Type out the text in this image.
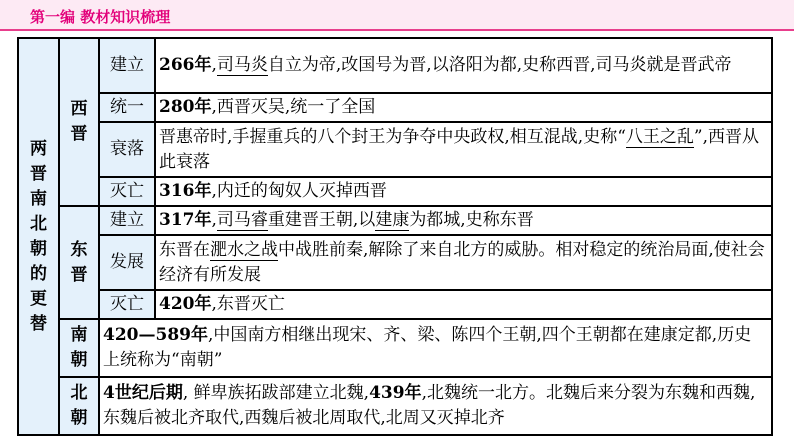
第一编 教材知识梳理
两晋南北朝的更替	西晋	建立	266年,司马炎自立为帝,改国号为晋,以洛阳为都,史称西晋,司马炎就是晋武帝
		统一	280年,西晋灭吴,统一了全国
		衰落	晋惠帝时,手握重兵的八个封王为争夺中央政权,相互混战,史称“八王之乱”,西晋从此衰落
		灭亡	316年,内迁的匈奴人灭掉西晋

	东晋	建立	317年,司马睿重建晋王朝,以建康为都城,史称东晋
		发展	东晋在淝水之战中战胜前秦,解除了来自北方的威胁。相对稳定的统治局面,使社会经济有所发展
		灭亡	420年,东晋灭亡

	南朝	420—589年,中国南方相继出现宋、齐、梁、陈四个王朝,四个王朝都在建康定都,历史上统称为“南朝”	

	北朝	4世纪后期, 鲜卑族拓跋部建立北魏,439年,北魏统一北方。北魏后来分裂为东魏和西魏,东魏后被北齐取代,西魏后被北周取代,北周又灭掉北齐	
